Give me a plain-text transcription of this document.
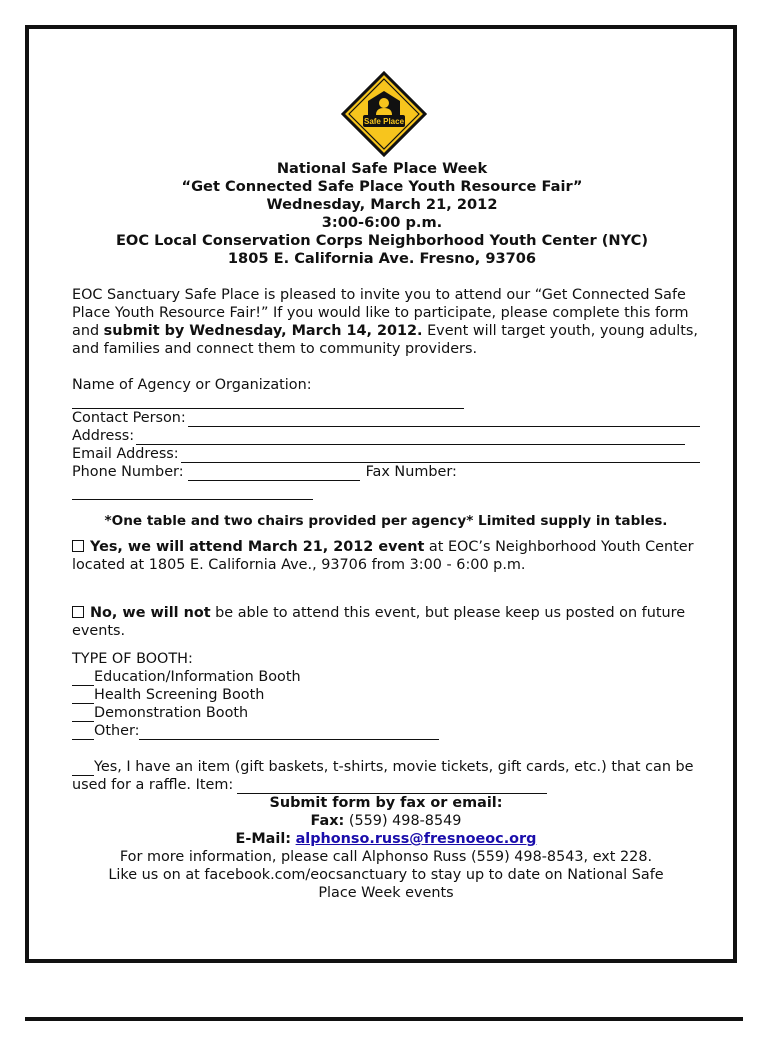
Safe Place
National Safe Place Week
“Get Connected Safe Place Youth Resource Fair”
Wednesday, March 21, 2012
3:00-6:00 p.m.
EOC Local Conservation Corps Neighborhood Youth Center (NYC)
1805 E. California Ave. Fresno, 93706

EOC Sanctuary Safe Place is pleased to invite you to attend our “Get Connected Safe Place Youth Resource Fair!” If you would like to participate, please complete this form and submit by Wednesday, March 14, 2012. Event will target youth, young adults, and families and connect them to community providers.

Name of Agency or Organization:
Contact Person:
Address:
Email Address:
Phone Number:	Fax Number:
*One table and two chairs provided per agency* Limited supply in tables.
Yes, we will attend March 21, 2012 event at EOC’s Neighborhood Youth Center located at 1805 E. California Ave., 93706 from 3:00 - 6:00 p.m.
No, we will not be able to attend this event, but please keep us posted on future events.
TYPE OF BOOTH:
Education/Information Booth
Health Screening Booth
Demonstration Booth
Other:
Yes, I have an item (gift baskets, t-shirts, movie tickets, gift cards, etc.) that can be used for a raffle. Item:
Submit form by fax or email:
Fax: (559) 498-8549
E-Mail: alphonso.russ@fresnoeoc.org
For more information, please call Alphonso Russ (559) 498-8543, ext 228.
Like us on at facebook.com/eocsanctuary to stay up to date on National Safe Place Week events
